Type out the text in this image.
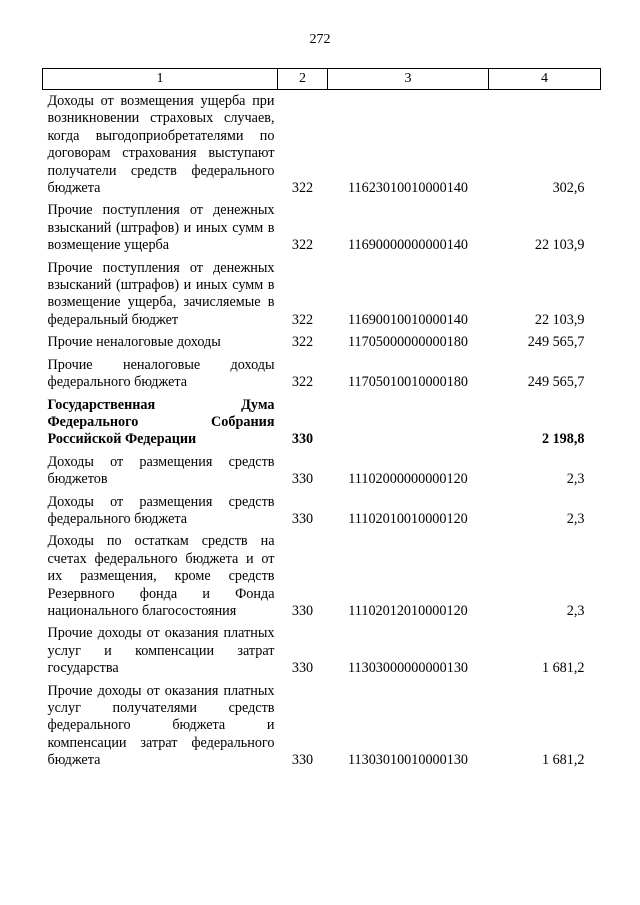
272
1	2	3	4

Доходы от возмещения ущерба при возникновении страховых случаев, когда выгодоприобретателями по договорам страхования выступают получатели средств федерального бюджета	322	11623010010000140	302,6

Прочие поступления от денежных взысканий (штрафов) и иных сумм в возмещение ущерба	322	11690000000000140	22 103,9

Прочие поступления от денежных взысканий (штрафов) и иных сумм в возмещение ущерба, зачисляемые в федеральный бюджет	322	11690010010000140	22 103,9

Прочие неналоговые доходы	322	11705000000000180	249 565,7

Прочие неналоговые доходы федерального бюджета	322	11705010010000180	249 565,7

Государственная Дума Федерального Собрания Российской Федерации	330		2 198,8

Доходы от размещения средств бюджетов	330	11102000000000120	2,3

Доходы от размещения средств федерального бюджета	330	11102010010000120	2,3

Доходы по остаткам средств на счетах федерального бюджета и от их размещения, кроме средств Резервного фонда и Фонда национального благосостояния	330	11102012010000120	2,3

Прочие доходы от оказания платных услуг и компенсации затрат государства	330	11303000000000130	1 681,2

Прочие доходы от оказания платных услуг получателями средств федерального бюджета и компенсации затрат федерального бюджета	330	11303010010000130	1 681,2
